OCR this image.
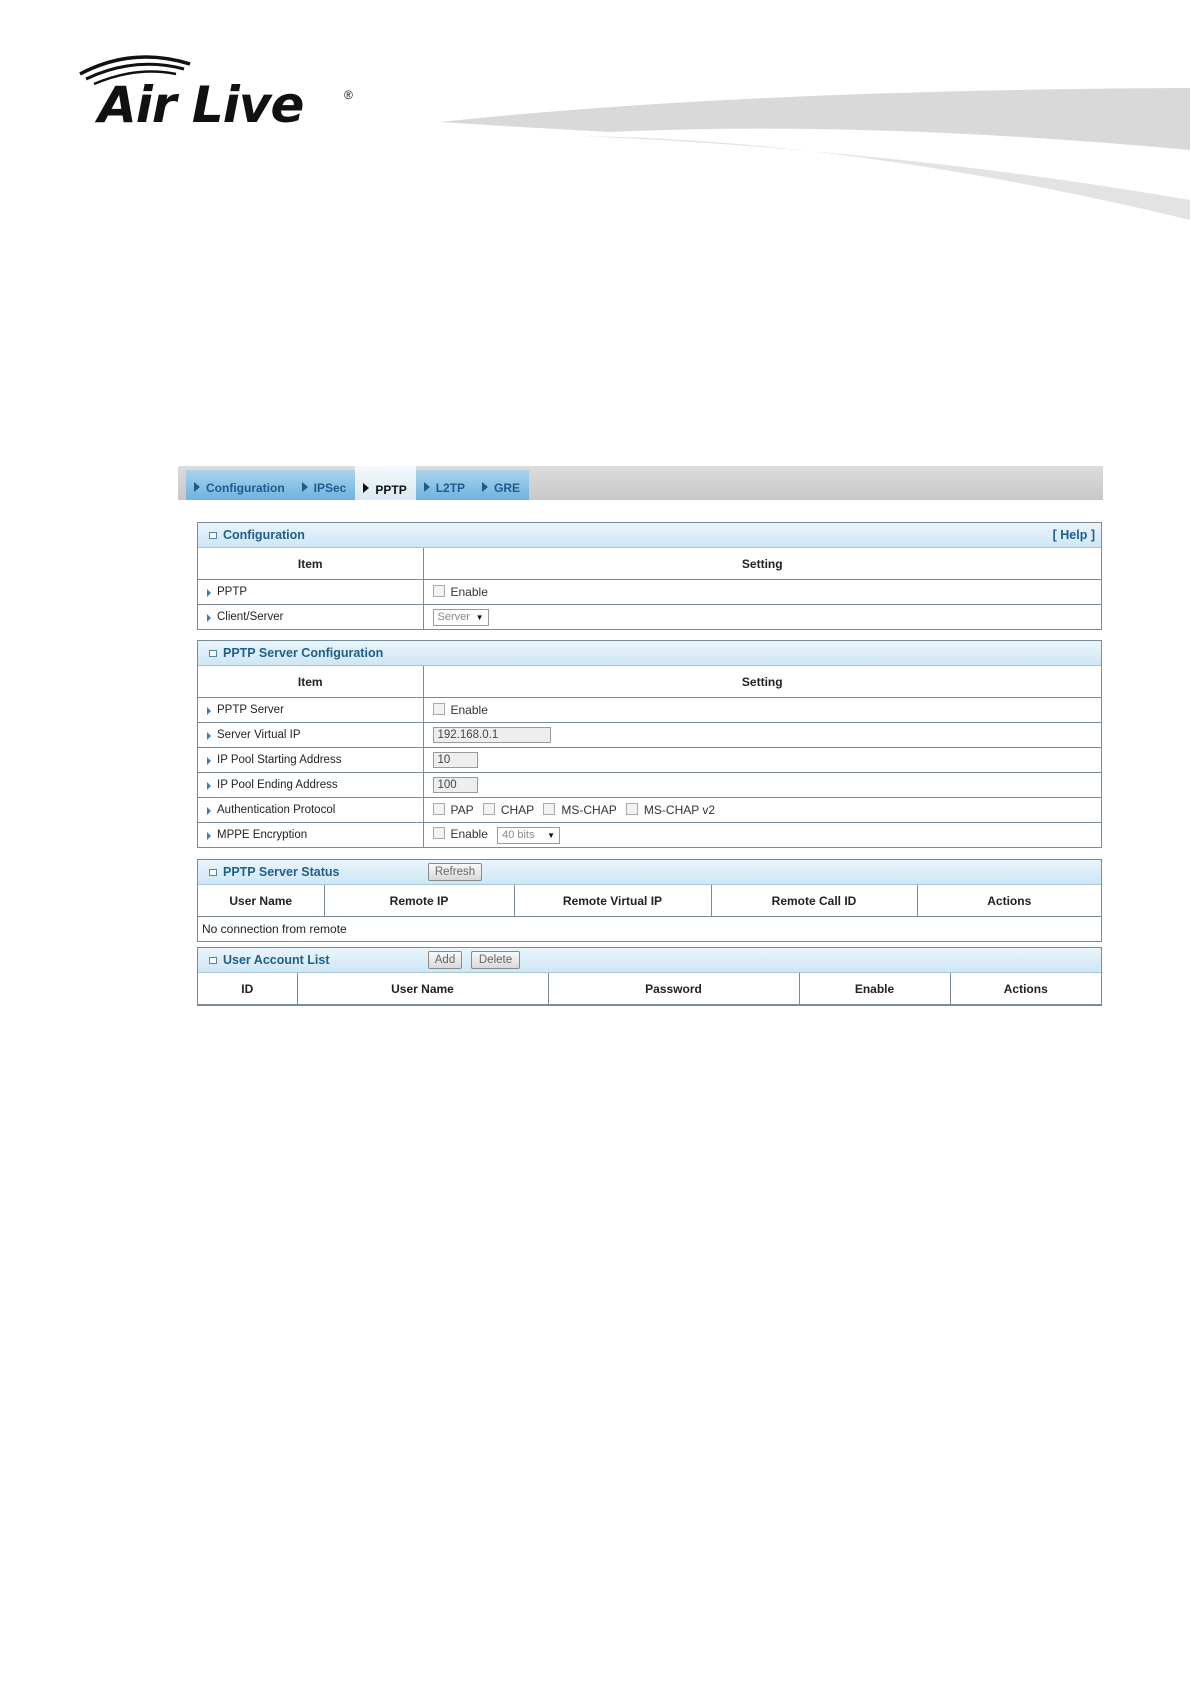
Air Live	®
Configuration IPSec PPTP L2TP GRE
Configuration	[ Help ]
Item	Setting

PPTP	Enable

Client/Server	Server ▼
PPTP Server Configuration
Item	Setting

PPTP Server	Enable

Server Virtual IP	192.168.0.1

IP Pool Starting Address	10

IP Pool Ending Address	100

Authentication Protocol	PAP CHAP MS-CHAP MS-CHAP v2

MPPE Encryption	Enable 40 bits ▼
PPTP Server Status	Refresh
User Name	Remote IP	Remote Virtual IP	Remote Call ID	Actions
No connection from remote
User Account List	Add	Delete
ID	User Name	Password	Enable	Actions
